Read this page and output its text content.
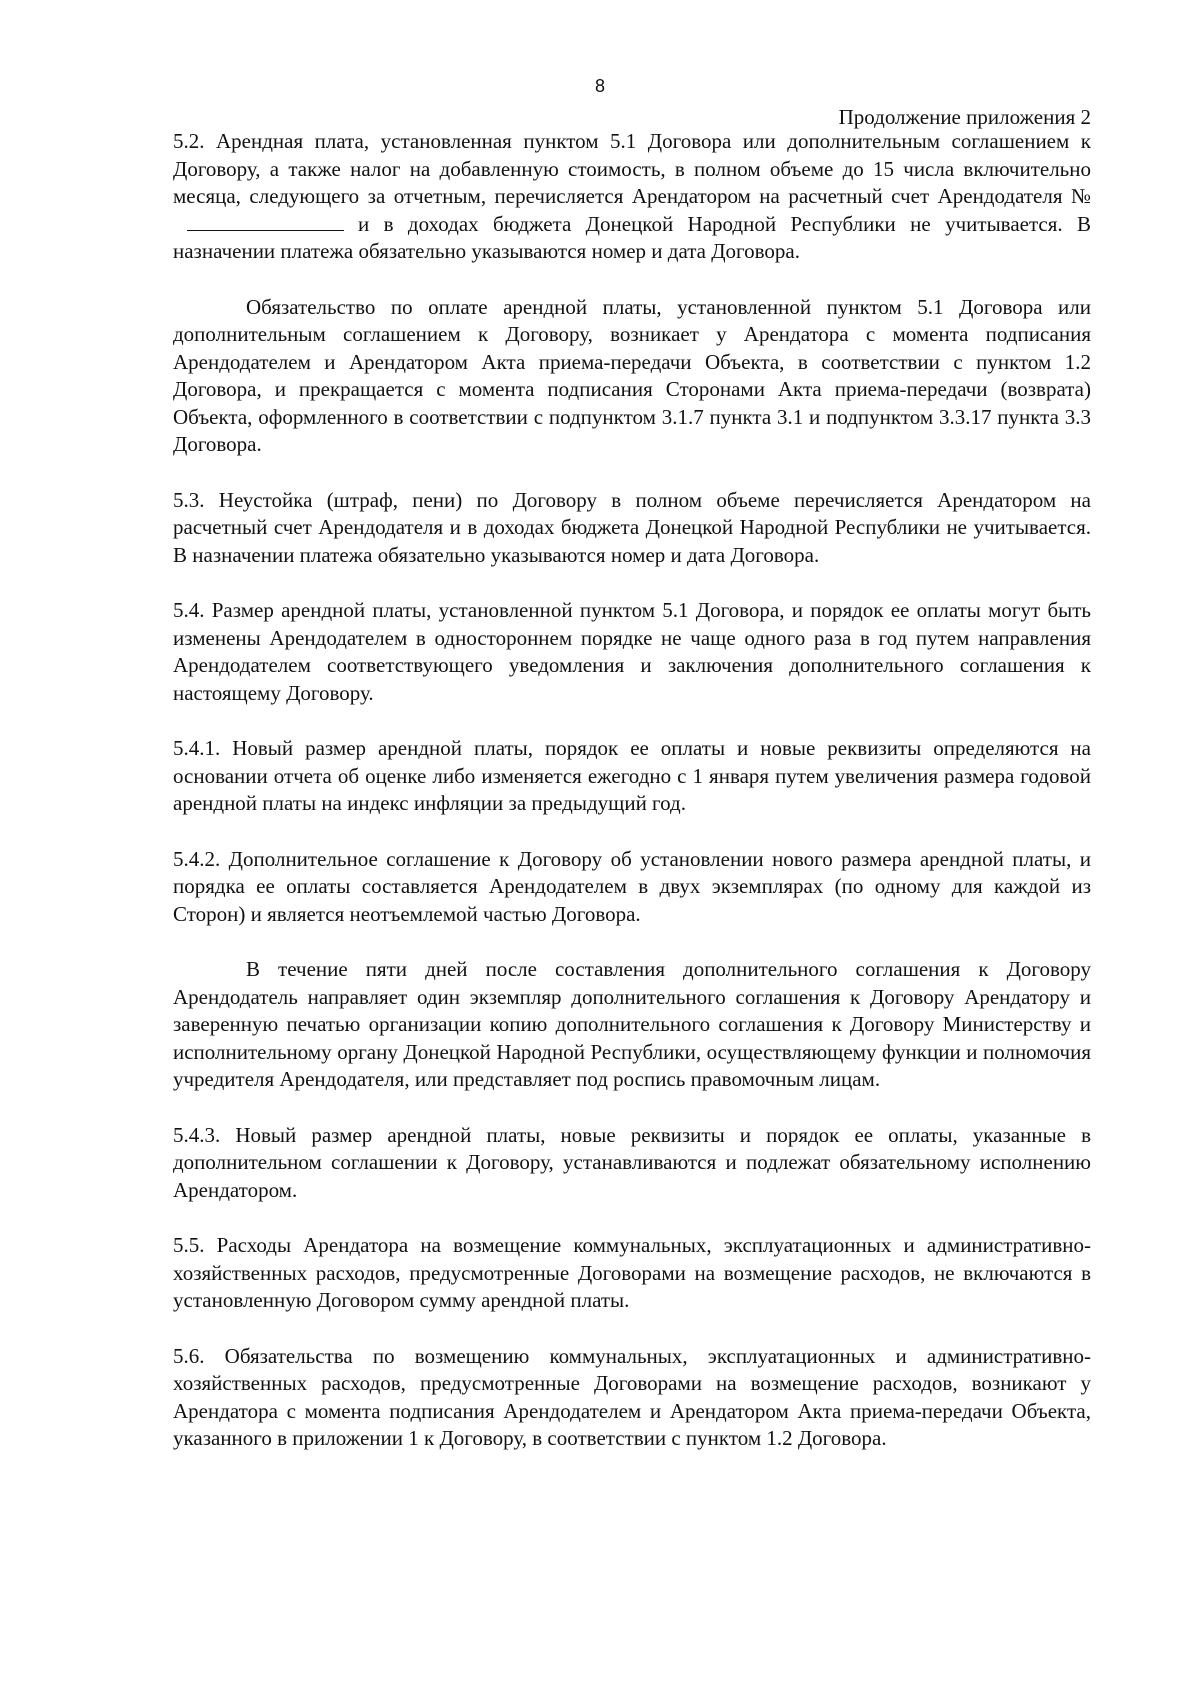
8
Продолжение приложения 2

5.2. Арендная плата, установленная пунктом 5.1 Договора или дополнительным соглашением к Договору, а также налог на добавленную стоимость, в полном объеме до 15 числа включительно месяца, следующего за отчетным, перечисляется Арендатором на расчетный счет Арендодателя №и в доходах бюджета Донецкой Народной Республики не учитывается. В назначении платежа обязательно указываются номер и дата Договора.

Обязательство по оплате арендной платы, установленной пунктом 5.1 Договора или дополнительным соглашением к Договору, возникает у Арендатора с момента подписания Арендодателем и Арендатором Акта приема-передачи Объекта, в соответствии с пунктом 1.2 Договора, и прекращается с момента подписания Сторонами Акта приема-передачи (возврата) Объекта, оформленного в соответствии с подпунктом 3.1.7 пункта 3.1 и подпунктом 3.3.17 пункта 3.3 Договора.

5.3. Неустойка (штраф, пени) по Договору в полном объеме перечисляется Арендатором на расчетный счет Арендодателя и в доходах бюджета Донецкой Народной Республики не учитывается. В назначении платежа обязательно указываются номер и дата Договора.

5.4. Размер арендной платы, установленной пунктом 5.1 Договора, и порядок ее оплаты могут быть изменены Арендодателем в одностороннем порядке не чаще одного раза в год путем направления Арендодателем соответствующего уведомления и заключения дополнительного соглашения к настоящему Договору.

5.4.1. Новый размер арендной платы, порядок ее оплаты и новые реквизиты определяются на основании отчета об оценке либо изменяется ежегодно с 1 января путем увеличения размера годовой арендной платы на индекс инфляции за предыдущий год.

5.4.2. Дополнительное соглашение к Договору об установлении нового размера арендной платы, и порядка ее оплаты составляется Арендодателем в двух экземплярах (по одному для каждой из Сторон) и является неотъемлемой частью Договора.

В течение пяти дней после составления дополнительного соглашения к Договору Арендодатель направляет один экземпляр дополнительного соглашения к Договору Арендатору и заверенную печатью организации копию дополнительного соглашения к Договору Министерству и исполнительному органу Донецкой Народной Республики, осуществляющему функции и полномочия учредителя Арендодателя, или представляет под роспись правомочным лицам.

5.4.3. Новый размер арендной платы, новые реквизиты и порядок ее оплаты, указанные в дополнительном соглашении к Договору, устанавливаются и подлежат обязательному исполнению Арендатором.

5.5. Расходы Арендатора на возмещение коммунальных, эксплуатационных и административно-хозяйственных расходов, предусмотренные Договорами на возмещение расходов, не включаются в установленную Договором сумму арендной платы.

5.6. Обязательства по возмещению коммунальных, эксплуатационных и административно-хозяйственных расходов, предусмотренные Договорами на возмещение расходов, возникают у Арендатора с момента подписания Арендодателем и Арендатором Акта приема-передачи Объекта, указанного в приложении 1 к Договору, в соответствии с пунктом 1.2 Договора.
